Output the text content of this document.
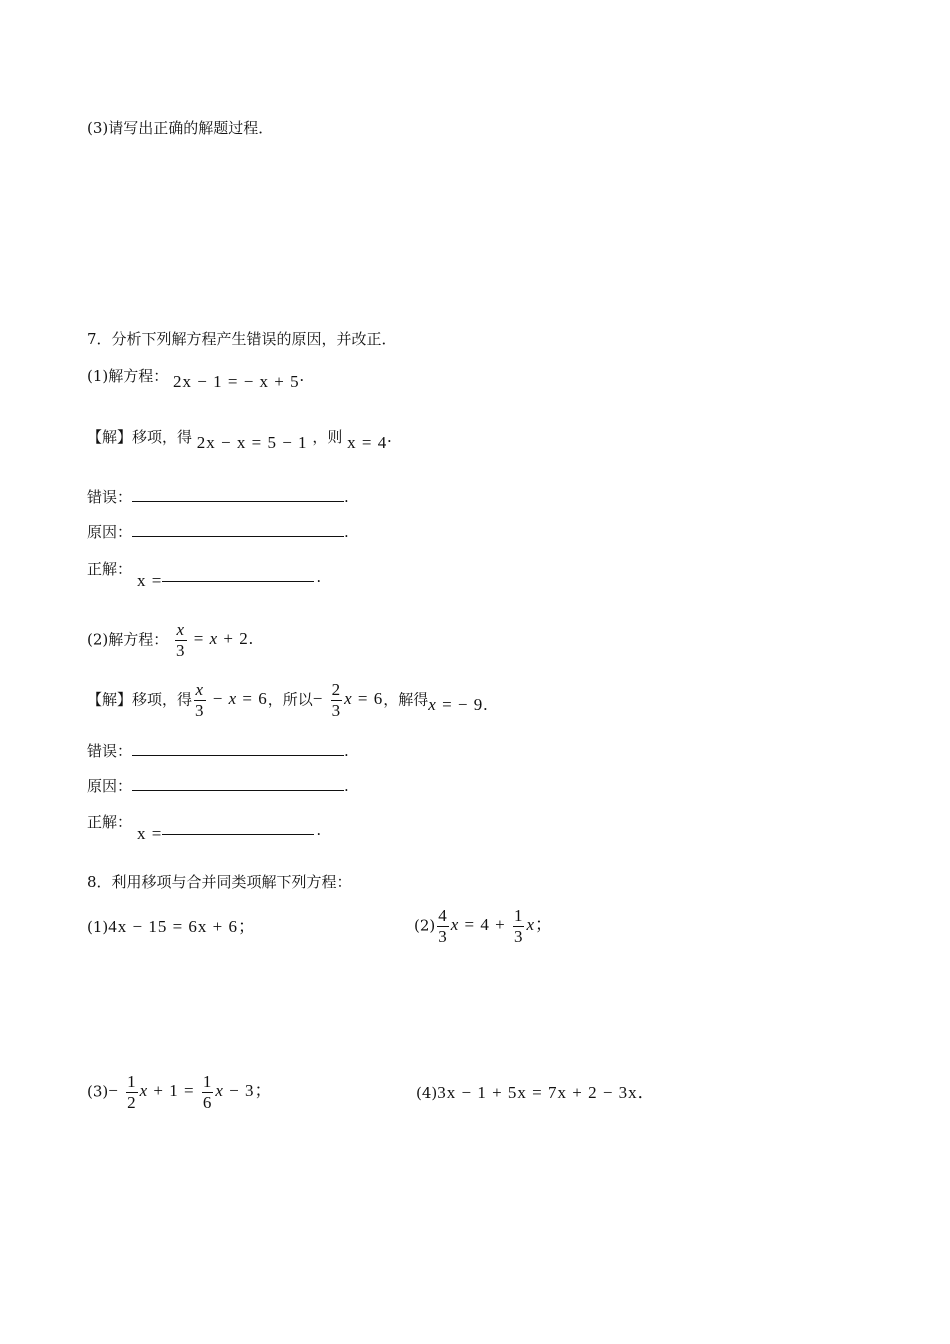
(3)请写出正确的解题过程．
7．分析下列解方程产生错误的原因，并改正．
(1)解方程： 2x − 1 = − x + 5.
【解】移项，得 2x − x = 5 − 1 ，则 x = 4.
错误：	.
原因：	.
正解：
x =	.
(2)解方程： $\frac{x}{3} = x + 2$.
【解】移项，得 $\frac{x}{3} - x = 6$，所以− $\frac{2}{3}$ x = 6，解得x = − 9.
错误：	.
原因：	.
正解：
x =	.
8．利用移项与合并同类项解下列方程：
(1)4x − 15 = 6x + 6；	$(2) \frac{4}{3}$ $x = 4 + \frac{1}{3}$ x；
$(3)- \frac{1}{2}$ $x + 1 = \frac{1}{6}$ x − 3；	(4)3x − 1 + 5x = 7x + 2 − 3x．
